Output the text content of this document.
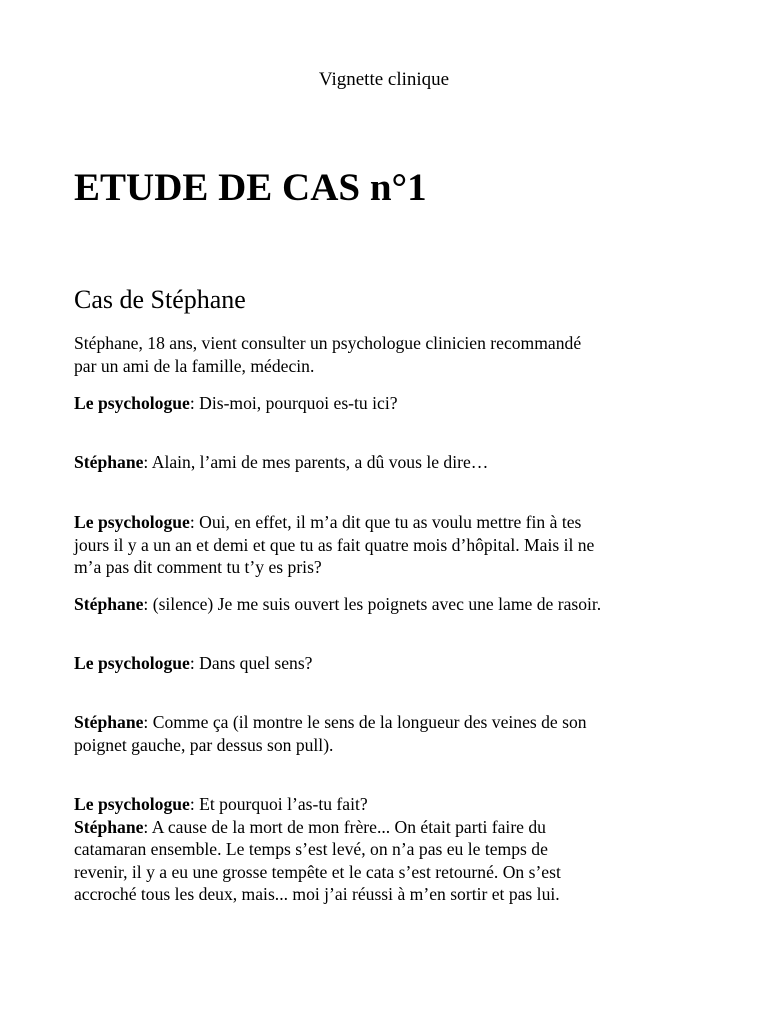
Vignette clinique
ETUDE DE CAS n°1
Cas de Stéphane
Stéphane, 18 ans, vient consulter un psychologue clinicien recommandé
par un ami de la famille, médecin.
Le psychologue: Dis-moi, pourquoi es-tu ici?
Stéphane: Alain, l’ami de mes parents, a dû vous le dire…
Le psychologue: Oui, en effet, il m’a dit que tu as voulu mettre fin à tes
jours il y a un an et demi et que tu as fait quatre mois d’hôpital. Mais il ne
m’a pas dit comment tu t’y es pris?
Stéphane: (silence) Je me suis ouvert les poignets avec une lame de rasoir.
Le psychologue: Dans quel sens?
Stéphane: Comme ça (il montre le sens de la longueur des veines de son
poignet gauche, par dessus son pull).
Le psychologue: Et pourquoi l’as-tu fait?
Stéphane: A cause de la mort de mon frère... On était parti faire du
catamaran ensemble. Le temps s’est levé, on n’a pas eu le temps de
revenir, il y a eu une grosse tempête et le cata s’est retourné. On s’est
accroché tous les deux, mais... moi j’ai réussi à m’en sortir et pas lui.
